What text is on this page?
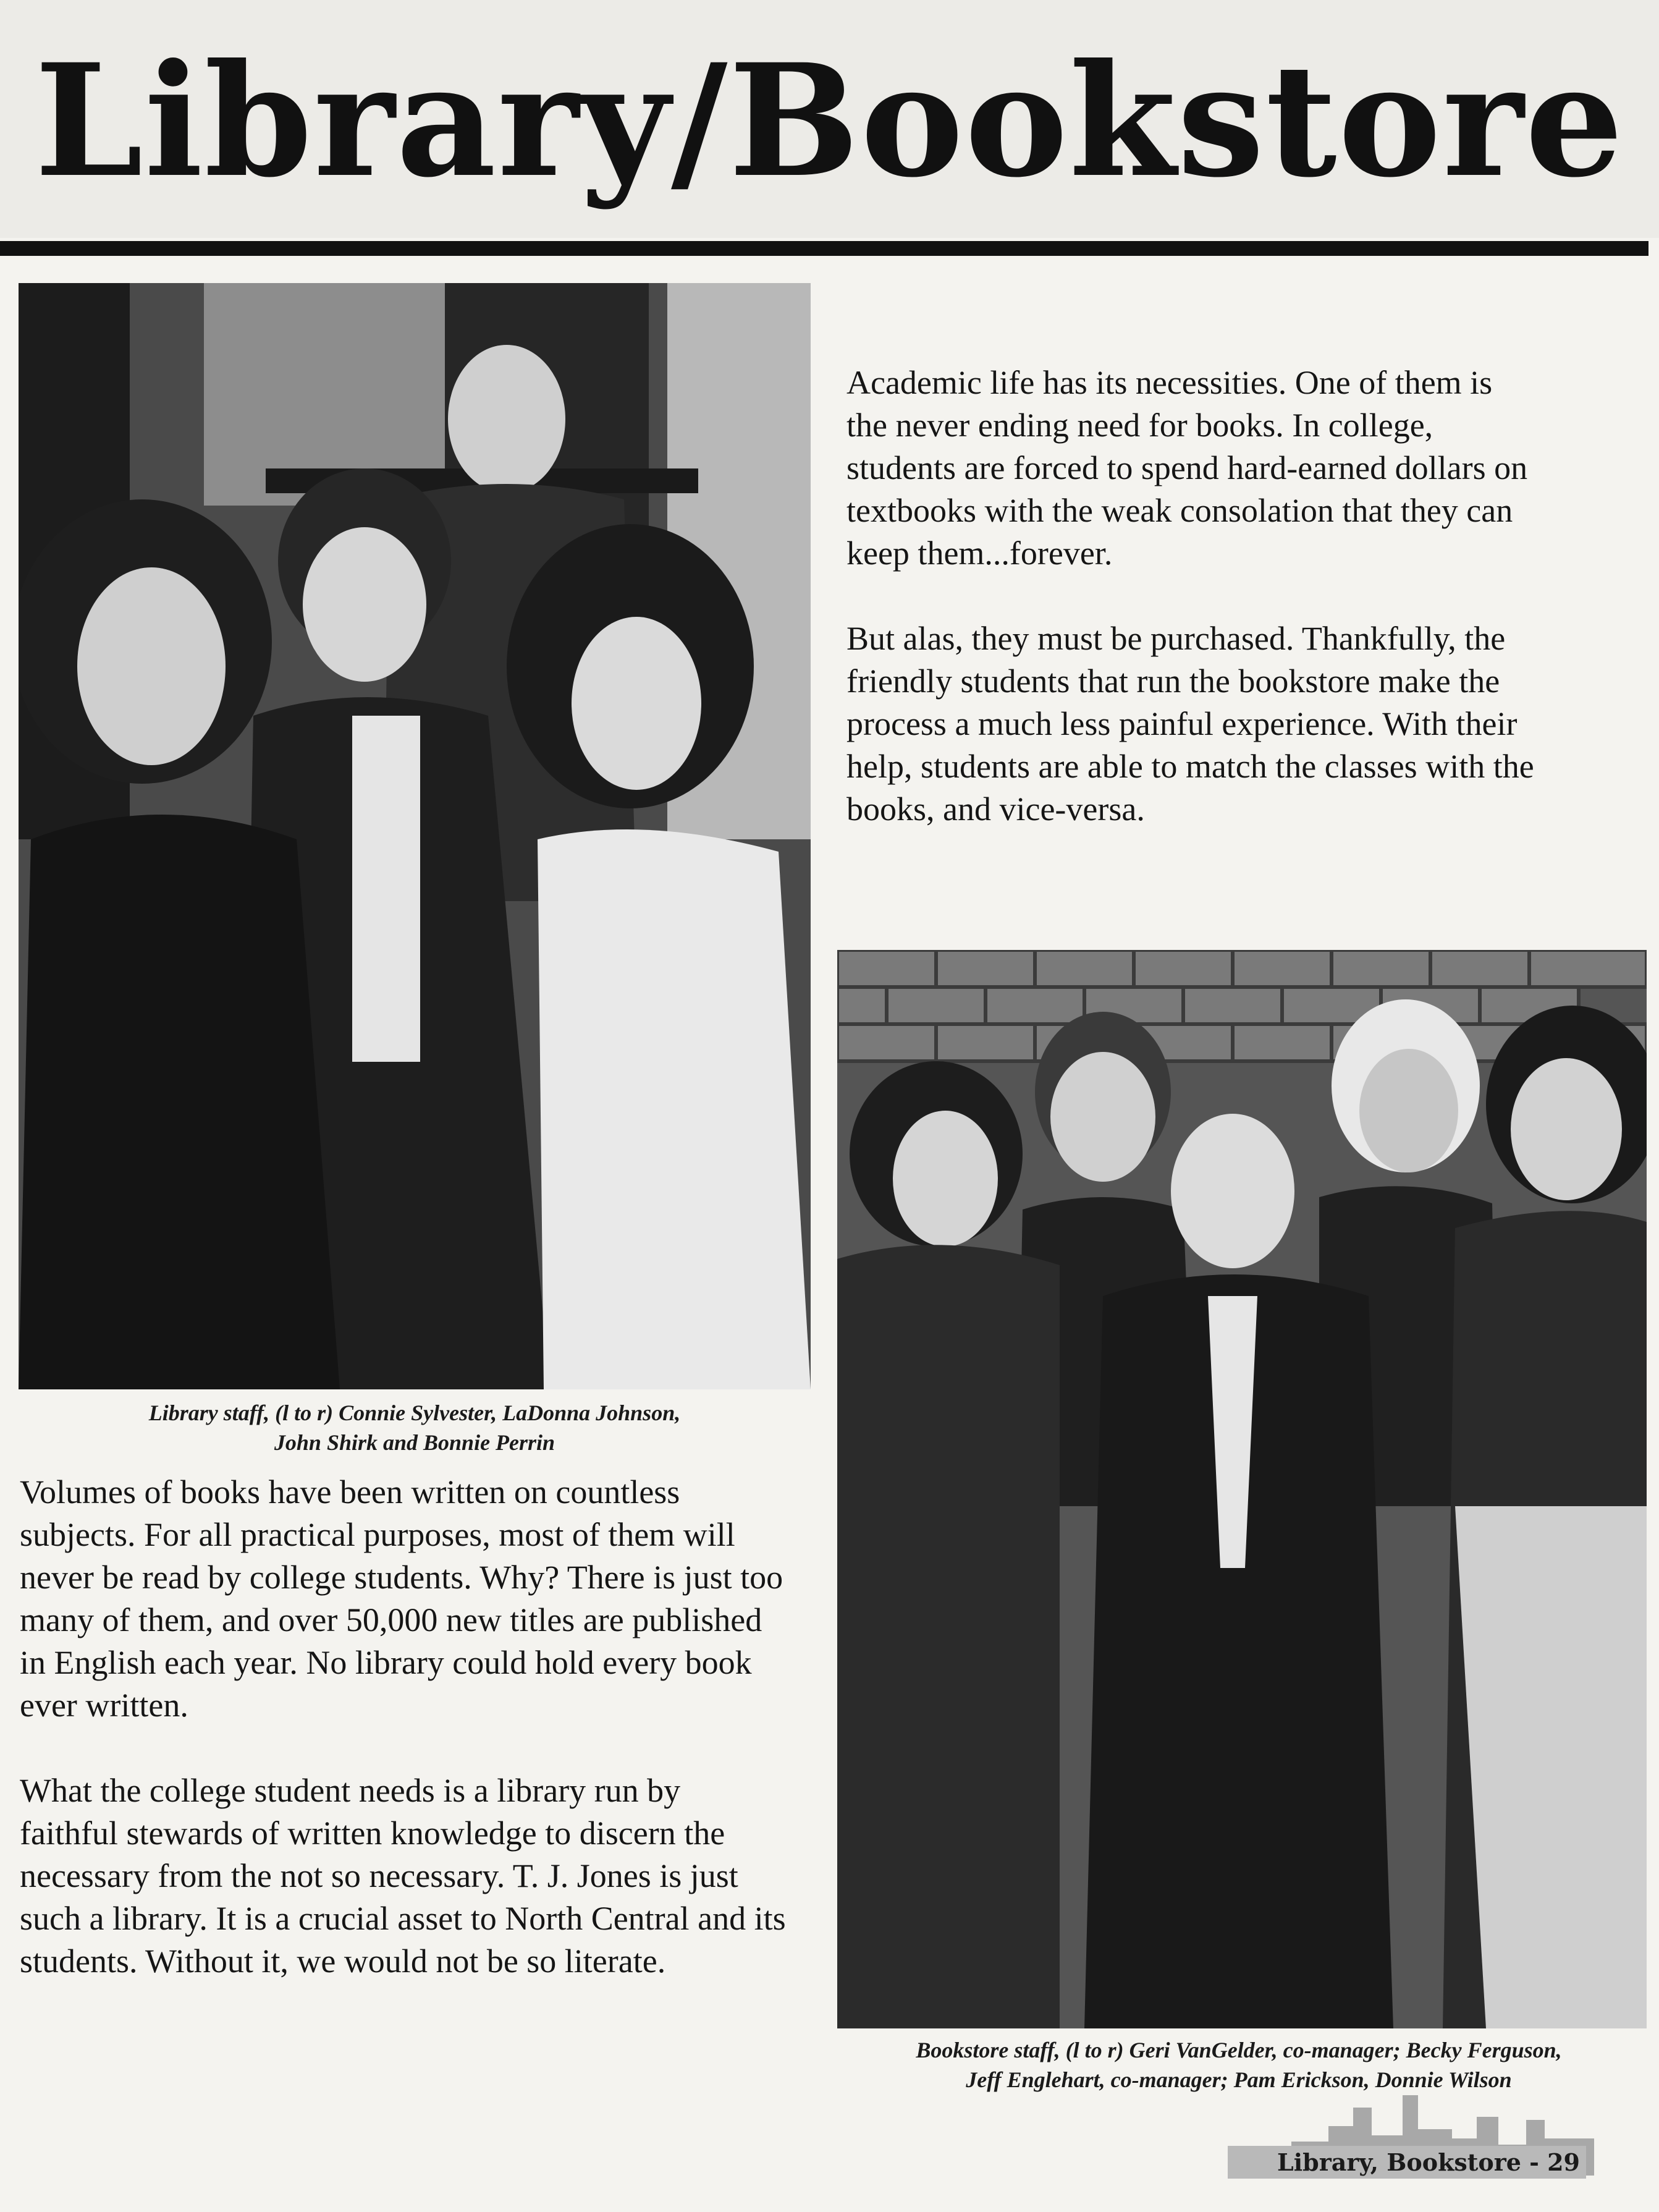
Library/Bookstore
Library staff, (l to r) Connie Sylvester, LaDonna Johnson,
John Shirk and Bonnie Perrin

Academic life has its necessities. One of them is the never ending need for books. In college, students are forced to spend hard-earned dollars on textbooks with the weak consolation that they can keep them...forever.

But alas, they must be purchased. Thankfully, the friendly students that run the bookstore make the process a much less painful experience. With their help, students are able to match the classes with the books, and vice-versa.

Bookstore staff, (l to r) Geri VanGelder, co-manager; Becky Ferguson,
Jeff Englehart, co-manager; Pam Erickson, Donnie Wilson

Volumes of books have been written on countless subjects. For all practical purposes, most of them will never be read by college students. Why? There is just too many of them, and over 50,000 new titles are published in English each year. No library could hold every book ever written.

What the college student needs is a library run by faithful stewards of written knowledge to discern the necessary from the not so necessary. T. J. Jones is just such a library. It is a crucial asset to North Central and its students. Without it, we would not be so literate.

Library, Bookstore - 29
